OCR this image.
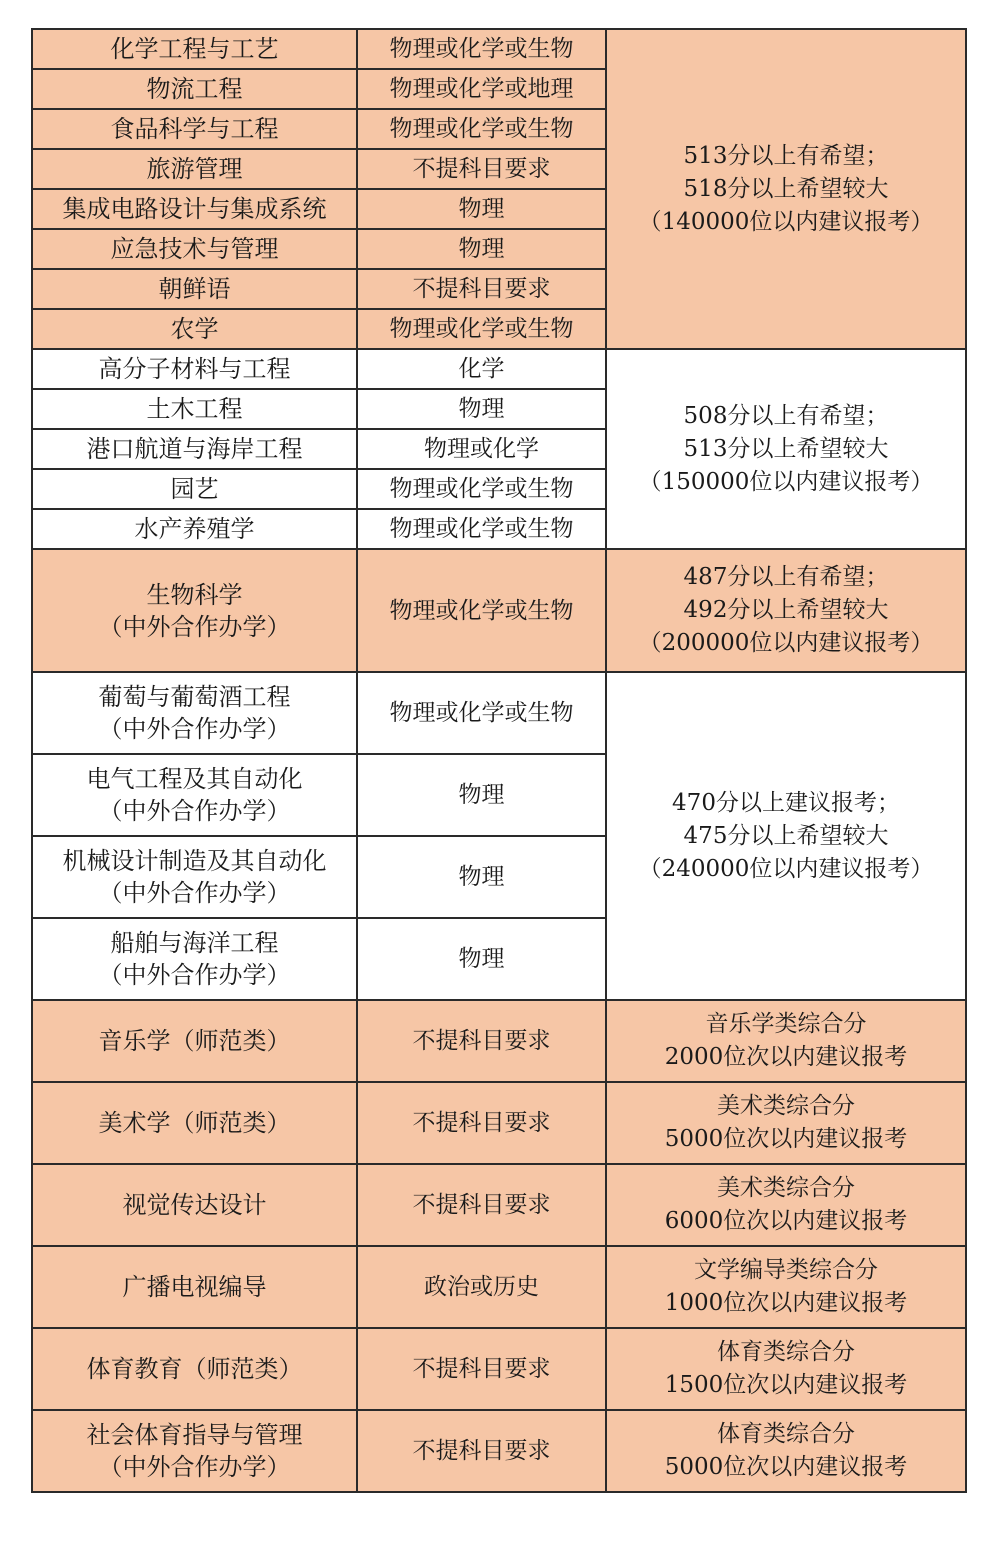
化学工程与工艺	物理或化学或生物	513分以上有希望；
518分以上希望较大
（140000位以内建议报考）

物流工程	物理或化学或地理	

食品科学与工程	物理或化学或生物	

旅游管理	不提科目要求	

集成电路设计与集成系统	物理	

应急技术与管理	物理	

朝鲜语	不提科目要求	

农学	物理或化学或生物	

高分子材料与工程	化学	508分以上有希望；
513分以上希望较大
（150000位以内建议报考）

土木工程	物理	

港口航道与海岸工程	物理或化学	

园艺	物理或化学或生物	

水产养殖学	物理或化学或生物	

生物科学
（中外合作办学）	物理或化学或生物	487分以上有希望；
492分以上希望较大
（200000位以内建议报考）

葡萄与葡萄酒工程
（中外合作办学）	物理或化学或生物	470分以上建议报考；
475分以上希望较大
（240000位以内建议报考）

电气工程及其自动化
（中外合作办学）	物理	

机械设计制造及其自动化
（中外合作办学）	物理	

船舶与海洋工程
（中外合作办学）	物理	

音乐学（师范类）	不提科目要求	音乐学类综合分
2000位次以内建议报考

美术学（师范类）	不提科目要求	美术类综合分
5000位次以内建议报考

视觉传达设计	不提科目要求	美术类综合分
6000位次以内建议报考

广播电视编导	政治或历史	文学编导类综合分
1000位次以内建议报考

体育教育（师范类）	不提科目要求	体育类综合分
1500位次以内建议报考

社会体育指导与管理
（中外合作办学）	不提科目要求	体育类综合分
5000位次以内建议报考
